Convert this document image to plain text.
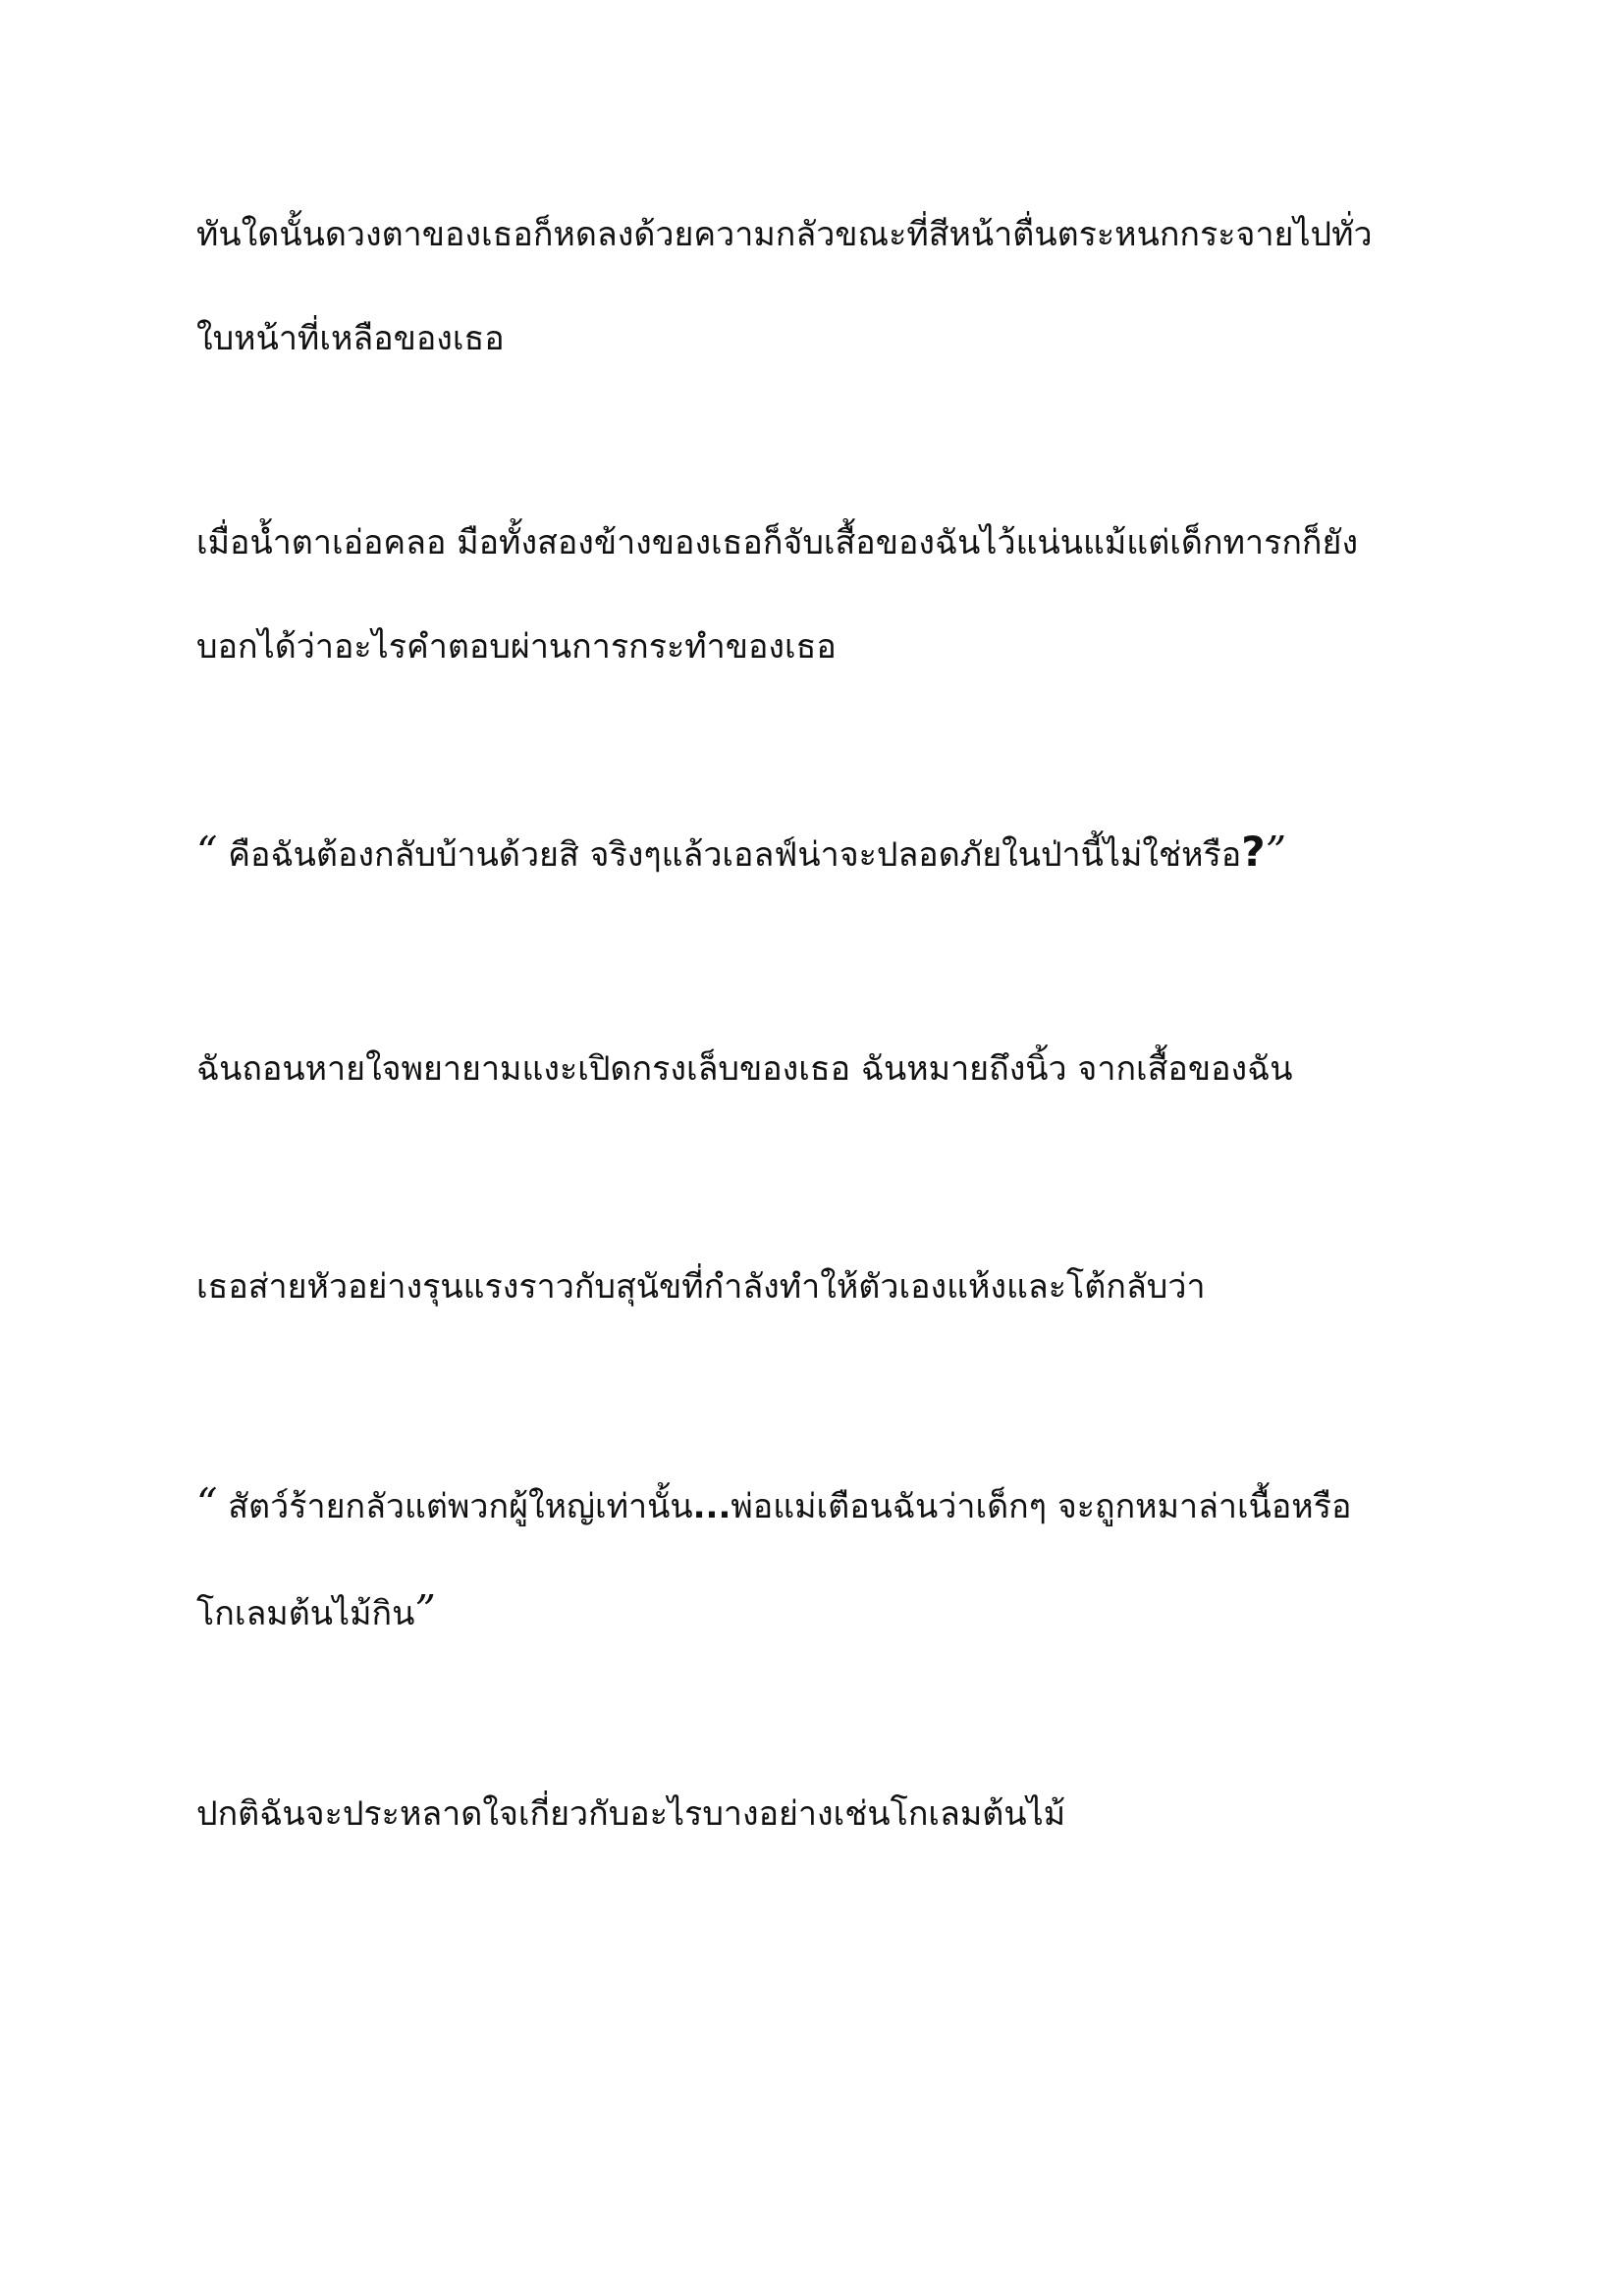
ทันใดนั้นดวงตาของเธอก็หดลงด้วยความกลัวขณะที่สีหน้าตื่นตระหนกกระจายไปทั่ว
ใบหน้าที่เหลือของเธอ

เมื่อน้ำตาเอ่อคลอ มือทั้งสองข้างของเธอก็จับเสื้อของฉันไว้แน่นแม้แต่เด็กทารกก็ยัง
บอกได้ว่าอะไรคำตอบผ่านการกระทำของเธอ

“ คือฉันต้องกลับบ้านด้วยสิ จริงๆแล้วเอลฟ์น่าจะปลอดภัยในป่านี้ไม่ใช่หรือ?”

ฉันถอนหายใจพยายามแงะเปิดกรงเล็บของเธอ ฉันหมายถึงนิ้ว จากเสื้อของฉัน

เธอส่ายหัวอย่างรุนแรงราวกับสุนัขที่กำลังทำให้ตัวเองแห้งและโต้กลับว่า

“ สัตว์ร้ายกลัวแต่พวกผู้ใหญ่เท่านั้น...พ่อแม่เตือนฉันว่าเด็กๆ จะถูกหมาล่าเนื้อหรือ
โกเลมต้นไม้กิน”

ปกติฉันจะประหลาดใจเกี่ยวกับอะไรบางอย่างเช่นโกเลมต้นไม้
